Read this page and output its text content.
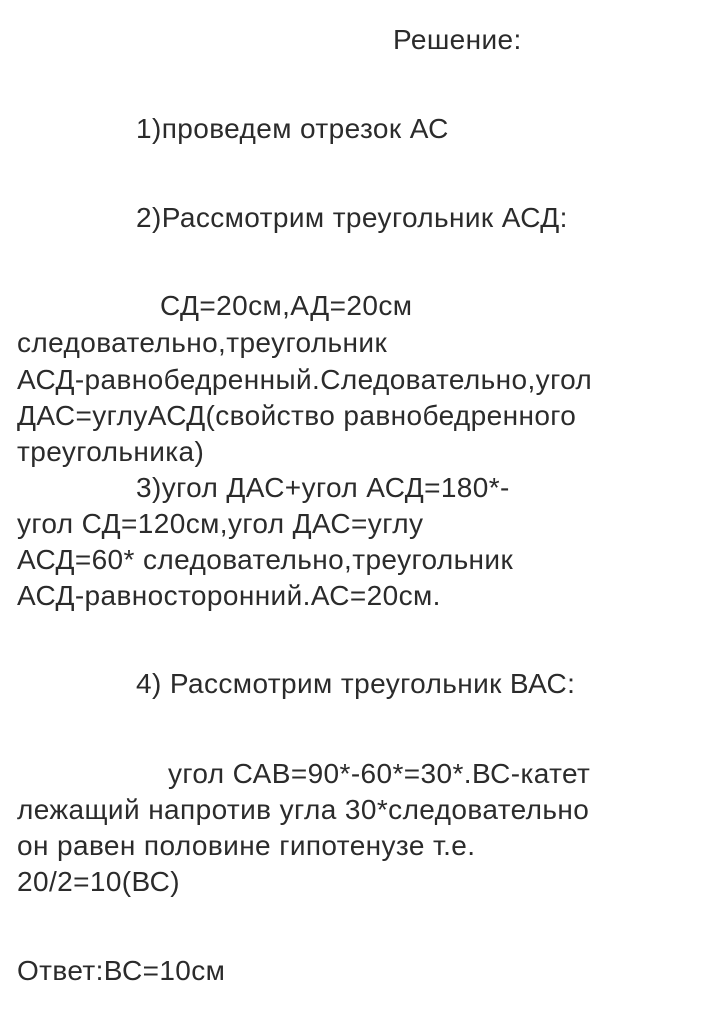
Решение:

1)проведем отрезок АС

2)Рассмотрим треугольник АСД:

СД=20см,АД=20см

следовательно,треугольник

АСД-равнобедренный.Следовательно,угол

ДАС=углуАСД(свойство равнобедренного

треугольника)

3)угол ДАС+угол АСД=180*-

угол СД=120см,угол ДАС=углу

АСД=60* следовательно,треугольник

АСД-равносторонний.АС=20см.

4) Рассмотрим треугольник ВАС:

угол САВ=90*-60*=30*.ВС-катет

лежащий напротив угла 30*следовательно

он равен половине гипотенузе т.е.

20/2=10(ВС)

Ответ:ВС=10см
